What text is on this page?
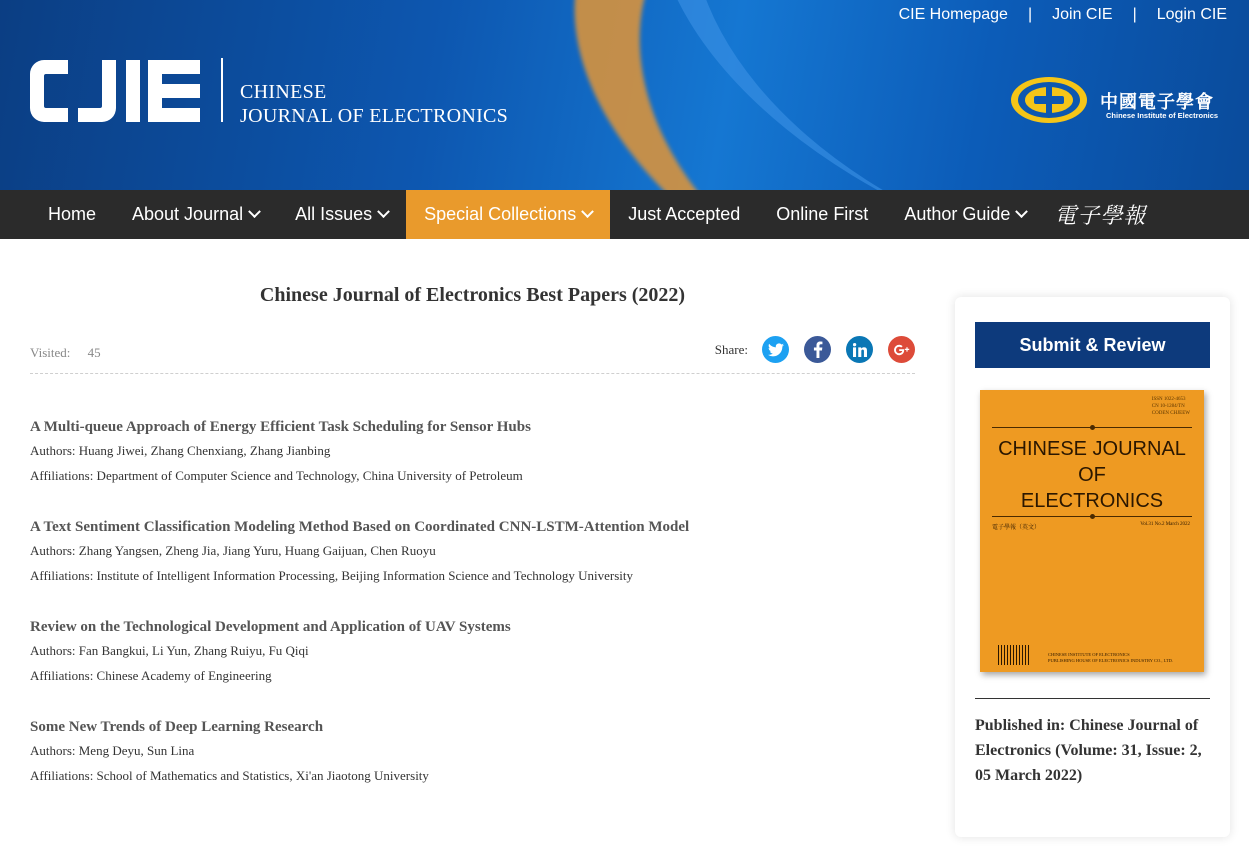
CIE Homepage	|	Join CIE	|	Login CIE
CHINESE
JOURNAL OF ELECTRONICS
中國電子學會
Chinese Institute of Electronics
Home About Journal	All Issues	Special Collections	Just Accepted Online First Author Guide 電子學報
Chinese Journal of Electronics Best Papers (2022)
Visited: 45	Share:
A Multi-queue Approach of Energy Efficient Task Scheduling for Sensor Hubs
Authors: Huang Jiwei, Zhang Chenxiang, Zhang Jianbing
Affiliations: Department of Computer Science and Technology, China University of Petroleum
A Text Sentiment Classification Modeling Method Based on Coordinated CNN-LSTM-Attention Model
Authors: Zhang Yangsen, Zheng Jia, Jiang Yuru, Huang Gaijuan, Chen Ruoyu
Affiliations: Institute of Intelligent Information Processing, Beijing Information Science and Technology University
Review on the Technological Development and Application of UAV Systems
Authors: Fan Bangkui, Li Yun, Zhang Ruiyu, Fu Qiqi
Affiliations: Chinese Academy of Engineering
Some New Trends of Deep Learning Research
Authors: Meng Deyu, Sun Lina
Affiliations: School of Mathematics and Statistics, Xi'an Jiaotong University
Submit & Review
ISSN 1022-4653
CN 10-1284/TN
CODEN CHJEEW
CHINESE JOURNAL
OF
ELECTRONICS
電子學報（英文）
Vol.31 No.2 March 2022
CHINESE INSTITUTE OF ELECTRONICS
PUBLISHING HOUSE OF ELECTRONICS INDUSTRY CO., LTD.
Published in: Chinese Journal of Electronics (Volume: 31, Issue: 2, 05 March 2022)
